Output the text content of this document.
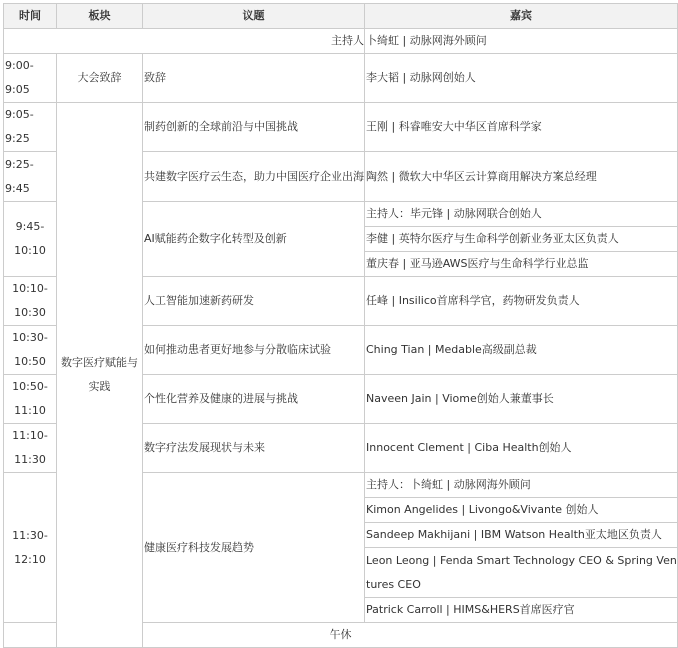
时间	板块	议题	嘉宾
主持人			卜绮虹 | 动脉网海外顾问
9:00-9:05	大会致辞	致辞	李大韬 | 动脉网创始人
9:05-9:25	数字医疗赋能与实践	制药创新的全球前沿与中国挑战	王刚 | 科睿唯安大中华区首席科学家
9:25-9:45		共建数字医疗云生态，助力中国医疗企业出海	陶然 | 微软大中华区云计算商用解决方案总经理
9:45-10:10		AI赋能药企数字化转型及创新	主持人：毕元锋 | 动脉网联合创始人
			李健 | 英特尔医疗与生命科学创新业务亚太区负责人
			董庆春 | 亚马逊AWS医疗与生命科学行业总监
10:10-10:30		人工智能加速新药研发	任峰 | Insilico首席科学官，药物研发负责人
10:30-10:50		如何推动患者更好地参与分散临床试验	Ching Tian | Medable高级副总裁
10:50-11:10		个性化营养及健康的进展与挑战	Naveen Jain | Viome创始人兼董事长
11:10-11:30		数字疗法发展现状与未来	Innocent Clement | Ciba Health创始人
11:30-12:10		健康医疗科技发展趋势	主持人：卜绮虹 | 动脉网海外顾问
			Kimon Angelides | Livongo&Vivante 创始人
			Sandeep Makhijani | IBM Watson Health亚太地区负责人
			Leon Leong | Fenda Smart Technology CEO & Spring Ventures CEO
			Patrick Carroll | HIMS&HERS首席医疗官
午休			
